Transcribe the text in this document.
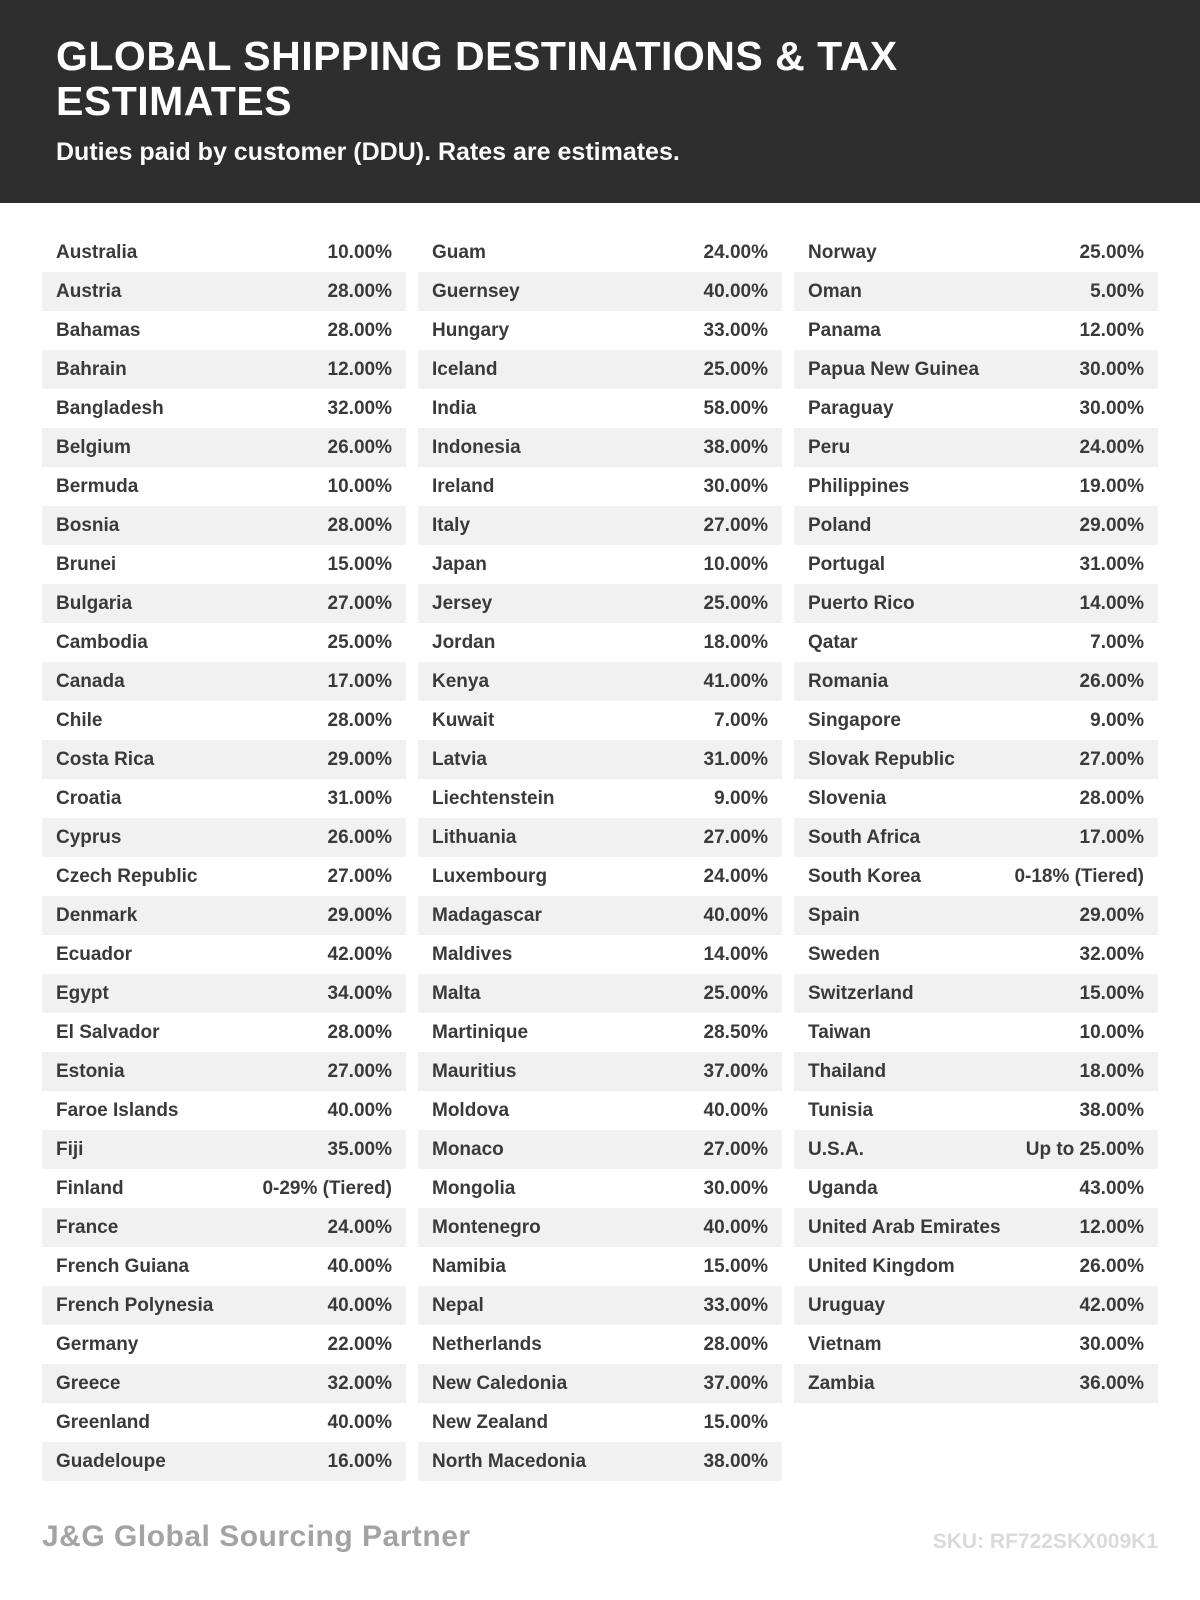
GLOBAL SHIPPING DESTINATIONS & TAX ESTIMATES

Duties paid by customer (DDU). Rates are estimates.

Australia	10.00%
Austria	28.00%
Bahamas	28.00%
Bahrain	12.00%
Bangladesh	32.00%
Belgium	26.00%
Bermuda	10.00%
Bosnia	28.00%
Brunei	15.00%
Bulgaria	27.00%
Cambodia	25.00%
Canada	17.00%
Chile	28.00%
Costa Rica	29.00%
Croatia	31.00%
Cyprus	26.00%
Czech Republic	27.00%
Denmark	29.00%
Ecuador	42.00%
Egypt	34.00%
El Salvador	28.00%
Estonia	27.00%
Faroe Islands	40.00%
Fiji	35.00%
Finland	0-29% (Tiered)
France	24.00%
French Guiana	40.00%
French Polynesia	40.00%
Germany	22.00%
Greece	32.00%
Greenland	40.00%
Guadeloupe	16.00%
Guam	24.00%
Guernsey	40.00%
Hungary	33.00%
Iceland	25.00%
India	58.00%
Indonesia	38.00%
Ireland	30.00%
Italy	27.00%
Japan	10.00%
Jersey	25.00%
Jordan	18.00%
Kenya	41.00%
Kuwait	7.00%
Latvia	31.00%
Liechtenstein	9.00%
Lithuania	27.00%
Luxembourg	24.00%
Madagascar	40.00%
Maldives	14.00%
Malta	25.00%
Martinique	28.50%
Mauritius	37.00%
Moldova	40.00%
Monaco	27.00%
Mongolia	30.00%
Montenegro	40.00%
Namibia	15.00%
Nepal	33.00%
Netherlands	28.00%
New Caledonia	37.00%
New Zealand	15.00%
North Macedonia	38.00%
Norway	25.00%
Oman	5.00%
Panama	12.00%
Papua New Guinea	30.00%
Paraguay	30.00%
Peru	24.00%
Philippines	19.00%
Poland	29.00%
Portugal	31.00%
Puerto Rico	14.00%
Qatar	7.00%
Romania	26.00%
Singapore	9.00%
Slovak Republic	27.00%
Slovenia	28.00%
South Africa	17.00%
South Korea	0-18% (Tiered)
Spain	29.00%
Sweden	32.00%
Switzerland	15.00%
Taiwan	10.00%
Thailand	18.00%
Tunisia	38.00%
U.S.A.	Up to 25.00%
Uganda	43.00%
United Arab Emirates	12.00%
United Kingdom	26.00%
Uruguay	42.00%
Vietnam	30.00%
Zambia	36.00%
J&G Global Sourcing Partner	SKU: RF722SKX009K1
